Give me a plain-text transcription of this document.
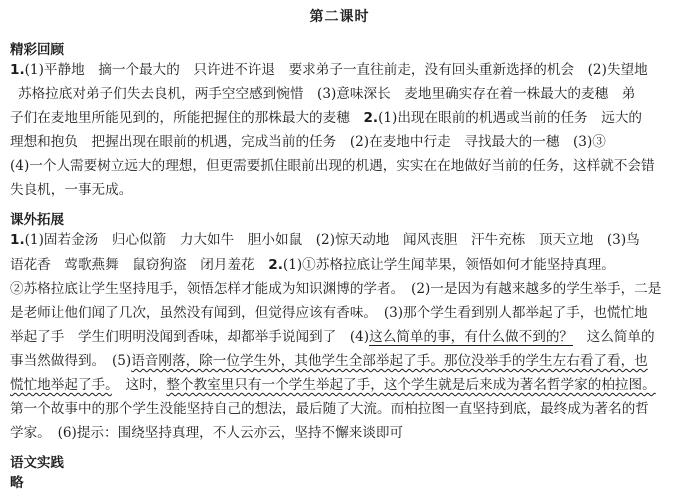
第二课时
精彩回顾
1.(1)平静地　摘一个最大的　只许进不许退　要求弟子一直往前走，没有回头重新选择的机会　(2)失望地
苏格拉底对弟子们失去良机，两手空空感到惋惜　(3)意味深长　麦地里确实存在着一株最大的麦穗　弟
子们在麦地里所能见到的，所能把握住的那株最大的麦穗　2.(1)出现在眼前的机遇或当前的任务　远大的
理想和抱负　把握出现在眼前的机遇，完成当前的任务　(2)在麦地中行走　寻找最大的一穗　(3)③
(4)一个人需要树立远大的理想，但更需要抓住眼前出现的机遇，实实在在地做好当前的任务，这样就不会错
失良机，一事无成。
课外拓展
1.(1)固若金汤　归心似箭　力大如牛　胆小如鼠　(2)惊天动地　闻风丧胆　汗牛充栋　顶天立地　(3)鸟
语花香　莺歌燕舞　鼠窃狗盗　闭月羞花　2.(1)①苏格拉底让学生闻苹果，领悟如何才能坚持真理。
②苏格拉底让学生坚持甩手，领悟怎样才能成为知识渊博的学者。　(2)一是因为有越来越多的学生举手，二是
是老师让他们闻了几次，虽然没有闻到，但觉得应该有香味。　(3)那个学生看到别人都举起了手，也慌忙地
举起了手　学生们明明没闻到香味，却都举手说闻到了　(4)这么简单的事，有什么做不到的？　这么简单的
事当然做得到。　(5)语音刚落，除一位学生外，其他学生全部举起了手。那位没举手的学生左右看了看，也
慌忙地举起了手。　这时，整个教室里只有一个学生举起了手，这个学生就是后来成为著名哲学家的柏拉图。
第一个故事中的那个学生没能坚持自己的想法，最后随了大流。而柏拉图一直坚持到底，最终成为著名的哲
学家。　(6)提示：围绕坚持真理，不人云亦云，坚持不懈来谈即可
语文实践
略
